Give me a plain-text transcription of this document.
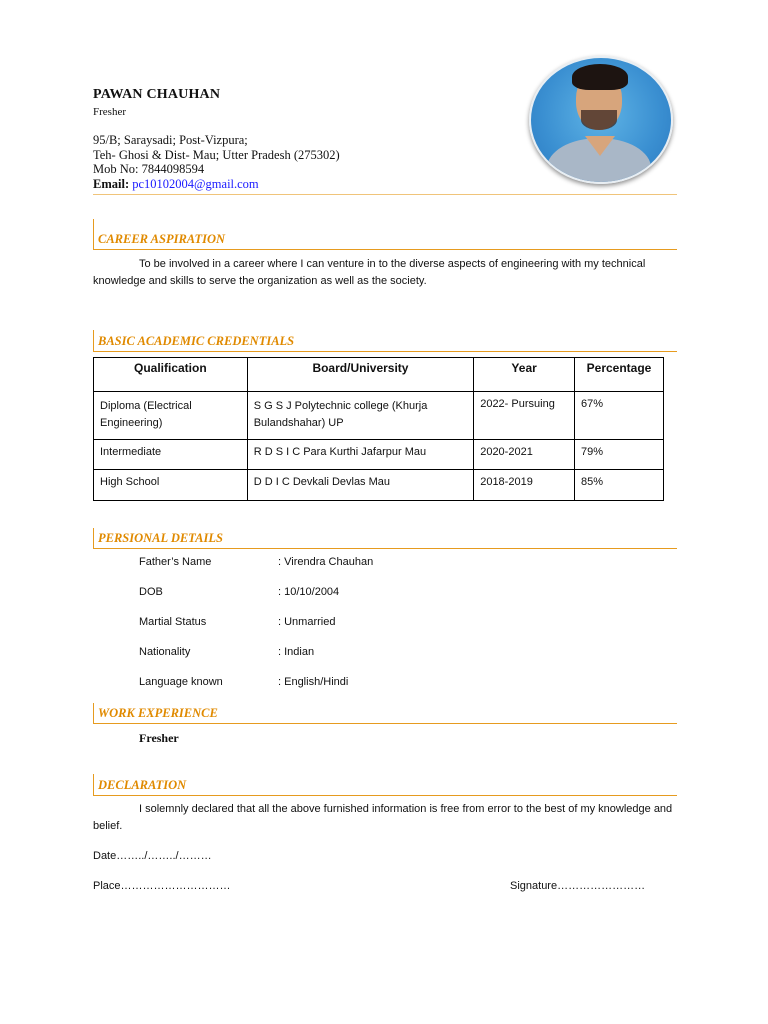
PAWAN CHAUHAN
Fresher
95/B; Saraysadi; Post-Vizpura;
Teh- Ghosi & Dist- Mau; Utter Pradesh (275302)
Mob No: 7844098594
Email: pc10102004@gmail.com
CAREER ASPIRATION
To be involved in a career where I can venture in to the diverse aspects of engineering with my technical knowledge and skills to serve the organization as well as the society.
BASIC ACADEMIC CREDENTIALS
Qualification	Board/University	Year	Percentage
Diploma (Electrical Engineering)	S G S J Polytechnic college (Khurja Bulandshahar) UP	2022- Pursuing	67%
Intermediate	R D S I C Para Kurthi Jafarpur Mau	2020-2021	79%
High School	D D I C Devkali Devlas Mau	2018-2019	85%
PERSIONAL DETAILS
Father’s Name	: Virendra Chauhan
DOB	: 10/10/2004
Martial Status	: Unmarried
Nationality	: Indian
Language known	: English/Hindi
WORK EXPERIENCE
Fresher
DECLARATION
I solemnly declared that all the above furnished information is free from error to the best of my knowledge and belief.
Date……../……../………
Place…………………………	Signature……………………
